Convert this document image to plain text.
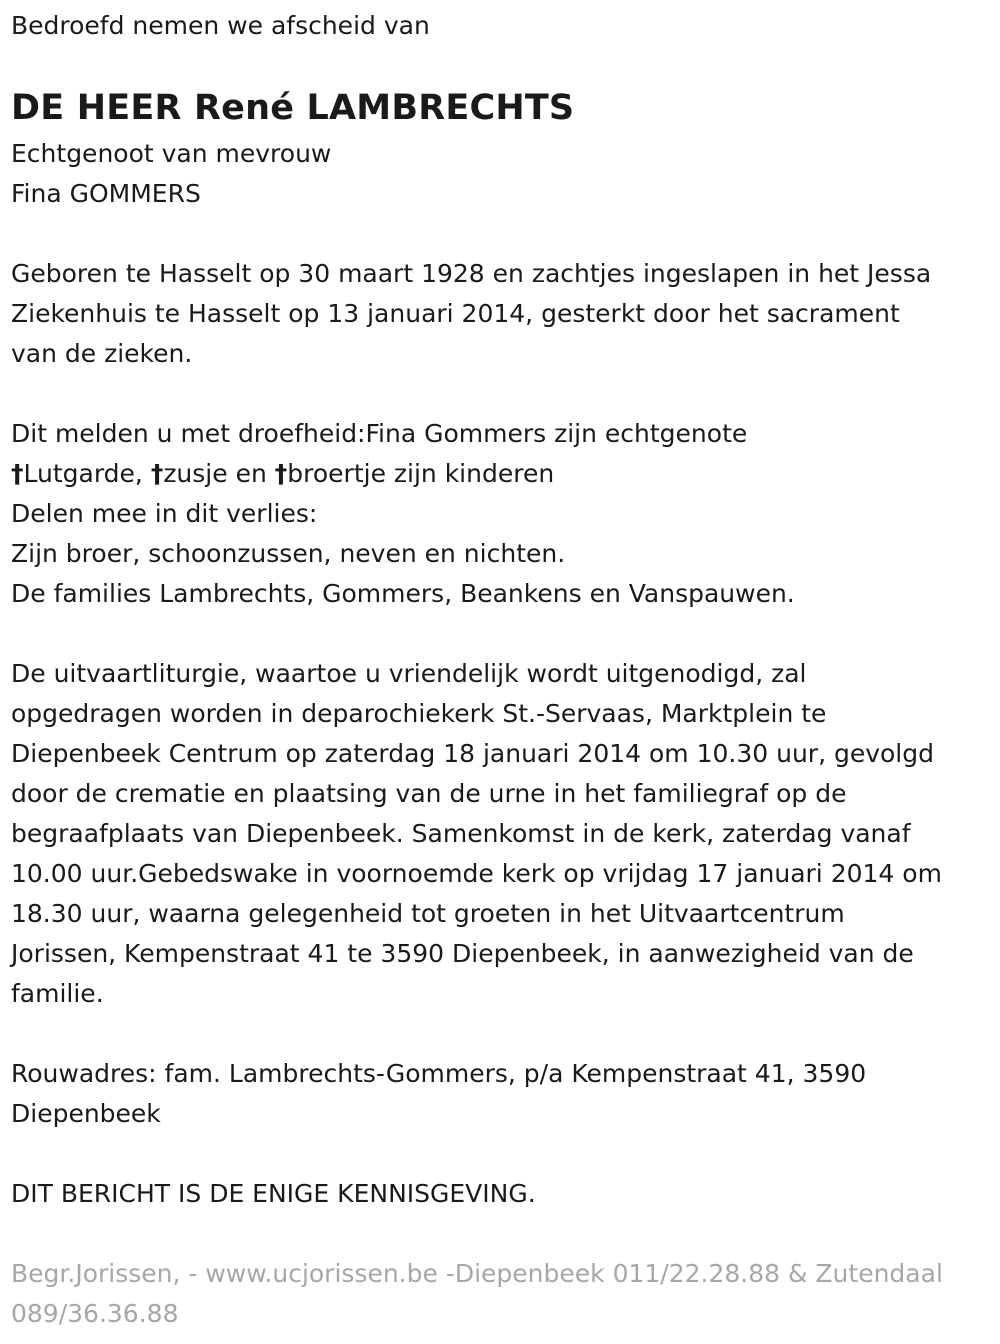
Bedroefd nemen we afscheid van

DE HEER René LAMBRECHTS

Echtgenoot van mevrouw

Fina GOMMERS

Geboren te Hasselt op 30 maart 1928 en zachtjes ingeslapen in het Jessa

Ziekenhuis te Hasselt op 13 januari 2014, gesterkt door het sacrament

van de zieken.

Dit melden u met droefheid:Fina Gommers zijn echtgenote

†Lutgarde, †zusje en †broertje zijn kinderen

Delen mee in dit verlies:

Zijn broer, schoonzussen, neven en nichten.

De families Lambrechts, Gommers, Beankens en Vanspauwen.

De uitvaartliturgie, waartoe u vriendelijk wordt uitgenodigd, zal

opgedragen worden in deparochiekerk St.-Servaas, Marktplein te

Diepenbeek Centrum op zaterdag 18 januari 2014 om 10.30 uur, gevolgd

door de crematie en plaatsing van de urne in het familiegraf op de

begraafplaats van Diepenbeek. Samenkomst in de kerk, zaterdag vanaf

10.00 uur.Gebedswake in voornoemde kerk op vrijdag 17 januari 2014 om

18.30 uur, waarna gelegenheid tot groeten in het Uitvaartcentrum

Jorissen, Kempenstraat 41 te 3590 Diepenbeek, in aanwezigheid van de

familie.

Rouwadres: fam. Lambrechts-Gommers, p/a Kempenstraat 41, 3590

Diepenbeek

DIT BERICHT IS DE ENIGE KENNISGEVING.

Begr.Jorissen, - www.ucjorissen.be -Diepenbeek 011/22.28.88 & Zutendaal
089/36.36.88
